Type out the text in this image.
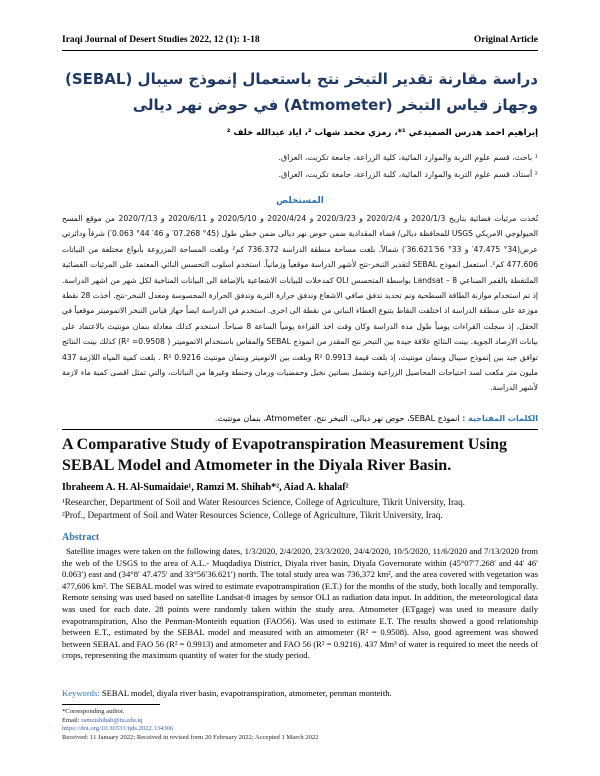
Iraqi Journal of Desert Studies 2022, 12 (1): 1-18	Original Article
دراسة مقارنة تقدير التبخر نتح باستعمال إنموذج سيبال (SEBAL) وجهاز قياس التبخر (Atmometer) في حوض نهر ديالى
إبراهيم احمد هدرس الصميدعي ¹*، رمزي محمد شهاب ²، اياد عبدالله خلف ²
¹ باحث، قسم علوم التربة والموارد المائية، كلية الزراعة، جامعة تكريت، العراق.
² أستاذ، قسم علوم التربة والموارد المائية، كلية الزراعة، جامعة تكريت، العراق.
المستخلص
تُخذت مرئيات فضائية بتاريخ 2020/1/3 و 2020/2/4 و 2020/3/23 و 2020/4/24 و 2020/5/10 و 2020/6/11 و 2020/7/13 من موقع المسح الجيولوجي الامريكي USGS للمحافظة ديالى/ قضاء المقدادية ضمن حوض نهر ديالى ضمن خطي طول (45° 07.268′ و 46′ 44° 0.063′) شرقاً ودائرتي عرض(34° 47.475′ و 33° 56′36.621′) شمالاً. بلغت مساحة منطقة الدراسة 736.372 كم² وبلغت المساحة المزروعة بأنواع مختلفة من النباتات 477.606 كم². أستعمل انموذج SEBAL لتقدير التبخر-نتح لأشهر الدراسة موقعياً وزمانياً. استخدم اسلوب التحسس النائي المعتمد على المرئيات الفضائية الملتقطة بالقمر الصناعي Landsat – 8 بواسطة المتحسس OLI كمدخلات للبيانات الاشعاعية بالإضافة الى البيانات المناخية لكل شهر من اشهر الدراسة. إذ تم استخدام موازنة الطاقة السطحية وتم تحديد تدفق صافي الاشعاع وتدفق حرارة التربة وتدفق الحرارة المحسوسة ومعدل التبخر-نتح. أخذت 28 نقطة موزعة على منطقة الدراسة اذ اختلفت النقاط بتنوع الغطاء النباتي من نقطة الى اخرى. استخدم في الدراسة ايضاً جهاز قياس التبخر الاتموميتر موقعياً في الحقل، إذ سجلت القراءات يومياً طول مدة الدراسة وكان وقت اخذ القراءة يومياً الساعة 8 صباحاً. استخدم كذلك معادلة بنمان مونتيث بالاعتماد على بيانات الارصاد الجوية. بينت النتائج علاقة جيدة بين التبخر نتح المقدر من انموذج SEBAL والمقاس باستخدام الاتموميتر ( R² =0.9508) كذلك بينت النتائج توافق جيد بين إنموذج سيبال وبنمان مونتيث، إذ بلغت قيمة R² 0.9913 وبلغت بين الاتوميتر وبنمان مونتيث R² 0.9216 . بلغت كمية المياه اللازمة 437 مليون متر مكعب لسد احتياجات المحاصيل الزراعية وتشمل بساتين نخيل وحمضيات ورمان وحنطة وغيرها من النباتات، والتي تمثل اقصى كمية ماء لازمة لأشهر الدراسة.
الكلمات المفتاحية : انموذج SEBAL، حوض نهر ديالى، التبخر نتح، Atmometer، بنمان مونتيث.
A Comparative Study of Evapotranspiration Measurement Using SEBAL Model and Atmometer in the Diyala River Basin.
Ibraheem A. H. Al-Sumaidaie¹, Ramzi M. Shihab*², Aiad A. khalaf²
¹Researcher, Department of Soil and Water Resources Science, College of Agriculture, Tikrit University, Iraq.
²Prof., Department of Soil and Water Resources Science, College of Agriculture, Tikrit University, Iraq.
Abstract
Satellite images were taken on the following dates, 1/3/2020, 2/4/2020, 23/3/2020, 24/4/2020, 10/5/2020, 11/6/2020 and 7/13/2020 from the web of the USGS to the area of A.L.- Muqdadiya District, Diyala river basin, Diyala Governorate within (45°07′7.268′ and 44′ 46′ 0.063′) east and (34°8′ 47.475′ and 33°56′36.621′) north. The total study area was 736,372 km², and the area covered with vegetation was 477,606 km². The SEBAL model was wired to estimate evapotranspiration (E.T.) for the months of the study, both locally and temporally. Remote sensing was used based on satellite Landsat-8 images by sensor OLI as radiation data input. In addition, the meteorological data was used for each date. 28 points were randomly taken within the study area. Atmometer (ETgage) was used to measure daily evapotranspiration, Also the Penman-Monteith equation (FAO56). Was used to estimate E.T. The results showed a good relationship between E.T., estimated by the SEBAL model and measured with an atmometer (R² = 0.9508). Also, good agreement was showed between SEBAL and FAO 56 (R² = 0.9913) and atmometer and FAO 56 (R² = 0.9216). 437 Mm³ of water is required to meet the needs of crops, representing the maximum quantity of water for the study period.
Keywords: SEBAL model, diyala river basin, evapotranspiration, atmometer, penman monteith.
*Corresponding author.
Email: ramzishihab@tu.edu.iq
https://doi.org/10.36531/ijds.2022.134306
Received: 11 January 2022; Received in revised form 20 February 2022; Accepted 1 March 2022
